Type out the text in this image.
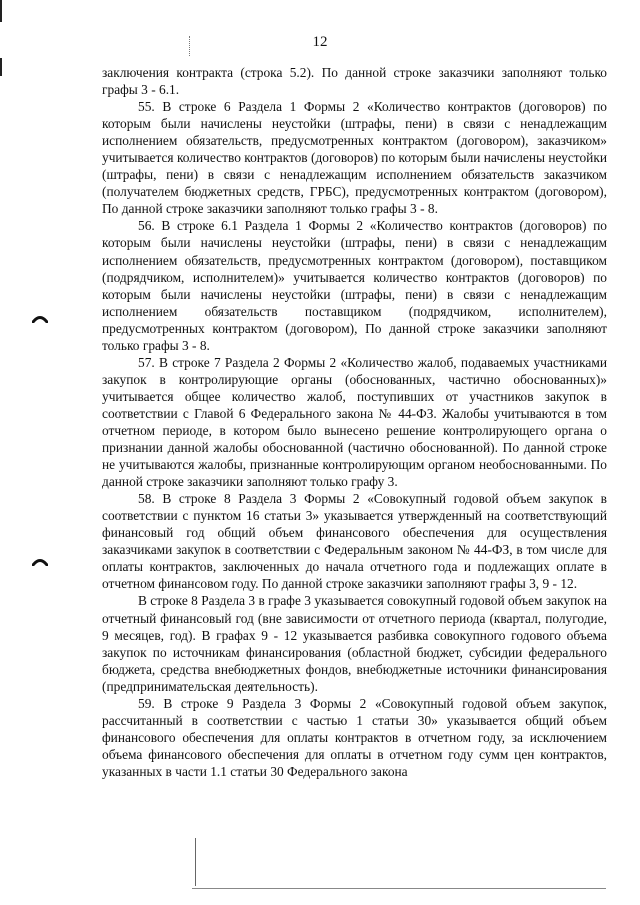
12

заключения контракта (строка 5.2). По данной строке заказчики заполняют только графы 3 - 6.1.

55. В строке 6 Раздела 1 Формы 2 «Количество контрактов (договоров) по которым были начислены неустойки (штрафы, пени) в связи с ненадлежащим исполнением обязательств, предусмотренных контрактом (договором), заказчиком» учитывается количество контрактов (договоров) по которым были начислены неустойки (штрафы, пени) в связи с ненадлежащим исполнением обязательств заказчиком (получателем бюджетных средств, ГРБС), предусмотренных контрактом (договором), По данной строке заказчики заполняют только графы 3 - 8.

56. В строке 6.1 Раздела 1 Формы 2 «Количество контрактов (договоров) по которым были начислены неустойки (штрафы, пени) в связи с ненадлежащим исполнением обязательств, предусмотренных контрактом (договором), поставщиком (подрядчиком, исполнителем)» учитывается количество контрактов (договоров) по которым были начислены неустойки (штрафы, пени) в связи с ненадлежащим исполнением обязательств поставщиком (подрядчиком, исполнителем), предусмотренных контрактом (договором), По данной строке заказчики заполняют только графы 3 - 8.

57. В строке 7 Раздела 2 Формы 2 «Количество жалоб, подаваемых участниками закупок в контролирующие органы (обоснованных, частично обоснованных)» учитывается общее количество жалоб, поступивших от участников закупок в соответствии с Главой 6 Федерального закона № 44-ФЗ. Жалобы учитываются в том отчетном периоде, в котором было вынесено решение контролирующего органа о признании данной жалобы обоснованной (частично обоснованной). По данной строке не учитываются жалобы, признанные контролирующим органом необоснованными. По данной строке заказчики заполняют только графу 3.

58. В строке 8 Раздела 3 Формы 2 «Совокупный годовой объем закупок в соответствии с пунктом 16 статьи 3» указывается утвержденный на соответствующий финансовый год общий объем финансового обеспечения для осуществления заказчиками закупок в соответствии с Федеральным законом № 44-ФЗ, в том числе для оплаты контрактов, заключенных до начала отчетного года и подлежащих оплате в отчетном финансовом году. По данной строке заказчики заполняют графы 3, 9 - 12.

В строке 8 Раздела 3 в графе 3 указывается совокупный годовой объем закупок на отчетный финансовый год (вне зависимости от отчетного периода (квартал, полугодие, 9 месяцев, год). В графах 9 - 12 указывается разбивка совокупного годового объема закупок по источникам финансирования (областной бюджет, субсидии федерального бюджета, средства внебюджетных фондов, внебюджетные источники финансирования (предпринимательская деятельность).

59. В строке 9 Раздела 3 Формы 2 «Совокупный годовой объем закупок, рассчитанный в соответствии с частью 1 статьи 30» указывается общий объем финансового обеспечения для оплаты контрактов в отчетном году, за исключением объема финансового обеспечения для оплаты в отчетном году сумм цен контрактов, указанных в части 1.1 статьи 30 Федерального закона
